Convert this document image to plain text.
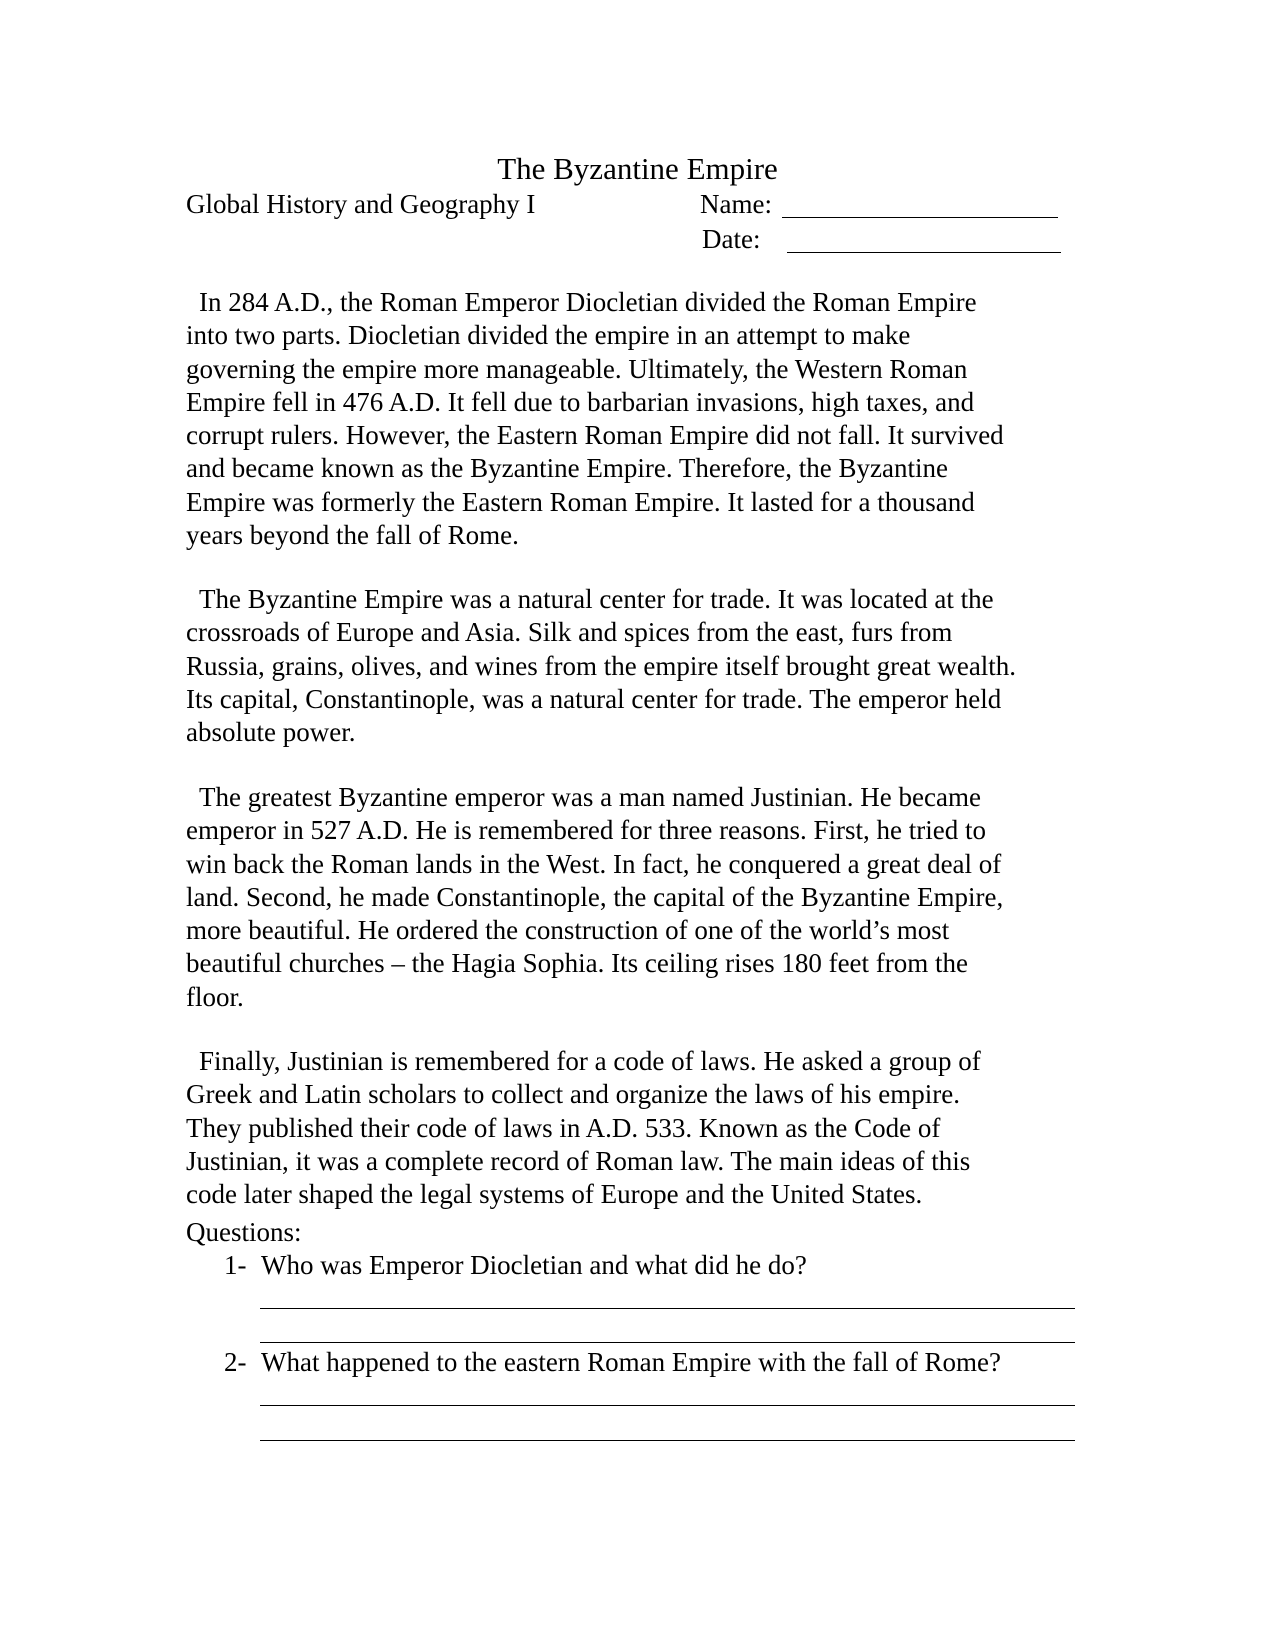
The Byzantine Empire
Global History and Geography I	Name:
Date:

In 284 A.D., the Roman Emperor Diocletian divided the Roman Empire
into two parts. Diocletian divided the empire in an attempt to make
governing the empire more manageable. Ultimately, the Western Roman
Empire fell in 476 A.D. It fell due to barbarian invasions, high taxes, and
corrupt rulers. However, the Eastern Roman Empire did not fall. It survived
and became known as the Byzantine Empire. Therefore, the Byzantine
Empire was formerly the Eastern Roman Empire. It lasted for a thousand
years beyond the fall of Rome.

The Byzantine Empire was a natural center for trade. It was located at the
crossroads of Europe and Asia. Silk and spices from the east, furs from
Russia, grains, olives, and wines from the empire itself brought great wealth.
Its capital, Constantinople, was a natural center for trade. The emperor held
absolute power.

The greatest Byzantine emperor was a man named Justinian. He became
emperor in 527 A.D. He is remembered for three reasons. First, he tried to
win back the Roman lands in the West. In fact, he conquered a great deal of
land. Second, he made Constantinople, the capital of the Byzantine Empire,
more beautiful. He ordered the construction of one of the world’s most
beautiful churches – the Hagia Sophia. Its ceiling rises 180 feet from the
floor.

Finally, Justinian is remembered for a code of laws. He asked a group of
Greek and Latin scholars to collect and organize the laws of his empire.
They published their code of laws in A.D. 533. Known as the Code of
Justinian, it was a complete record of Roman law. The main ideas of this
code later shaped the legal systems of Europe and the United States.

Questions:
1- Who was Emperor Diocletian and what did he do?
2- What happened to the eastern Roman Empire with the fall of Rome?
